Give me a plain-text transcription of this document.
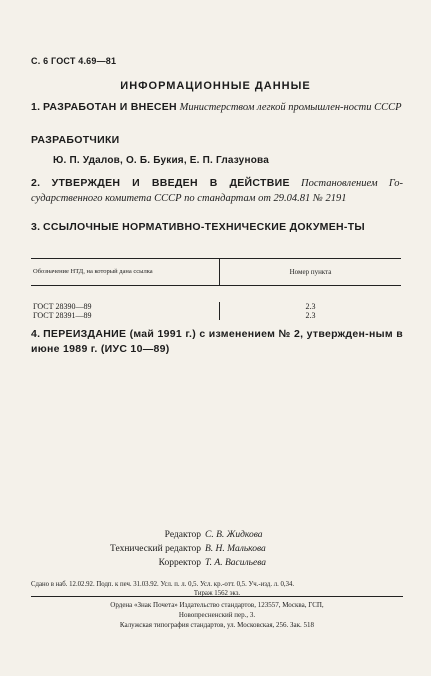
С. 6 ГОСТ 4.69—81
ИНФОРМАЦИОННЫЕ ДАННЫЕ
1. РАЗРАБОТАН И ВНЕСЕН Министерством легкой промышлен-ности СССР
РАЗРАБОТЧИКИ
Ю. П. Удалов, О. Б. Букия, Е. П. Глазунова
2. УТВЕРЖДЕН И ВВЕДЕН В ДЕЙСТВИЕ Постановлением Го-сударственного комитета СССР по стандартам от 29.04.81 № 2191
3. ССЫЛОЧНЫЕ НОРМАТИВНО-ТЕХНИЧЕСКИЕ ДОКУМЕН-ТЫ
Обозначение НТД, на который дана ссылка	Номер пункта
ГОСТ 28390—89	2.3
ГОСТ 28391—89	2.3
4. ПЕРЕИЗДАНИЕ (май 1991 г.) с изменением № 2, утвержден-ным в июне 1989 г. (ИУС 10—89)
Редактор С. В. Жидкова
Технический редактор В. Н. Малькова
Корректор Т. А. Васильева
Сдано в наб. 12.02.92. Подп. к печ. 31.03.92. Усл. п. л. 0,5. Усл. кр.-отт. 0,5. Уч.-изд. л. 0,34.
Тираж 1562 экз.
Ордена «Знак Почета» Издательство стандартов, 123557, Москва, ГСП,
Новопресненский пер., 3.
Калужская типография стандартов, ул. Московская, 256. Зак. 518
